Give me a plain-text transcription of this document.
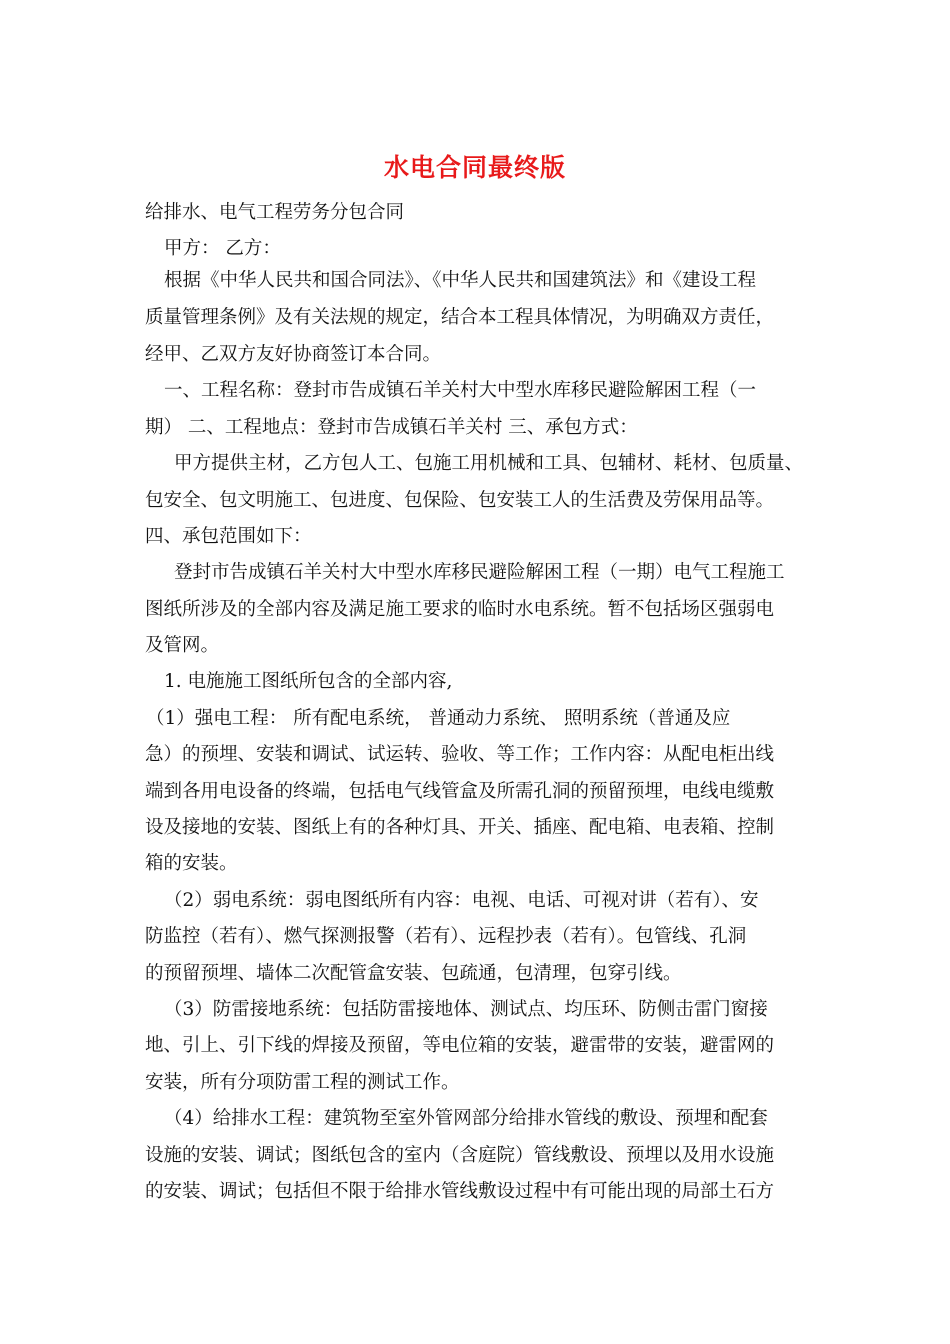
水电合同最终版
给排水、电气工程劳务分包合同
甲方： 乙方：
根据《中华人民共和国合同法》、《中华人民共和国建筑法》和《建设工程
质量管理条例》及有关法规的规定，结合本工程具体情况，为明确双方责任，
经甲、乙双方友好协商签订本合同。
一、工程名称：登封市告成镇石羊关村大中型水库移民避险解困工程（一
期） 二、工程地点：登封市告成镇石羊关村 三、承包方式：
甲方提供主材，乙方包人工、包施工用机械和工具、包辅材、耗材、包质量、
包安全、包文明施工、包进度、包保险、包安装工人的生活费及劳保用品等。
四、承包范围如下：
登封市告成镇石羊关村大中型水库移民避险解困工程（一期）电气工程施工
图纸所涉及的全部内容及满足施工要求的临时水电系统。暂不包括场区强弱电
及管网。
1. 电施施工图纸所包含的全部内容,
（1）强电工程： 所有配电系统， 普通动力系统、 照明系统（普通及应
急）的预埋、安装和调试、试运转、验收、等工作；工作内容：从配电柜出线
端到各用电设备的终端，包括电气线管盒及所需孔洞的预留预埋，电线电缆敷
设及接地的安装、图纸上有的各种灯具、开关、插座、配电箱、电表箱、控制
箱的安装。
（2）弱电系统：弱电图纸所有内容：电视、电话、可视对讲（若有）、安
防监控（若有）、燃气探测报警（若有）、远程抄表（若有）。包管线、孔洞
的预留预埋、墙体二次配管盒安装、包疏通，包清理，包穿引线。
（3）防雷接地系统：包括防雷接地体、测试点、均压环、防侧击雷门窗接
地、引上、引下线的焊接及预留，等电位箱的安装，避雷带的安装，避雷网的
安装，所有分项防雷工程的测试工作。
（4）给排水工程：建筑物至室外管网部分给排水管线的敷设、预埋和配套
设施的安装、调试；图纸包含的室内（含庭院）管线敷设、预埋以及用水设施
的安装、调试；包括但不限于给排水管线敷设过程中有可能出现的局部土石方
